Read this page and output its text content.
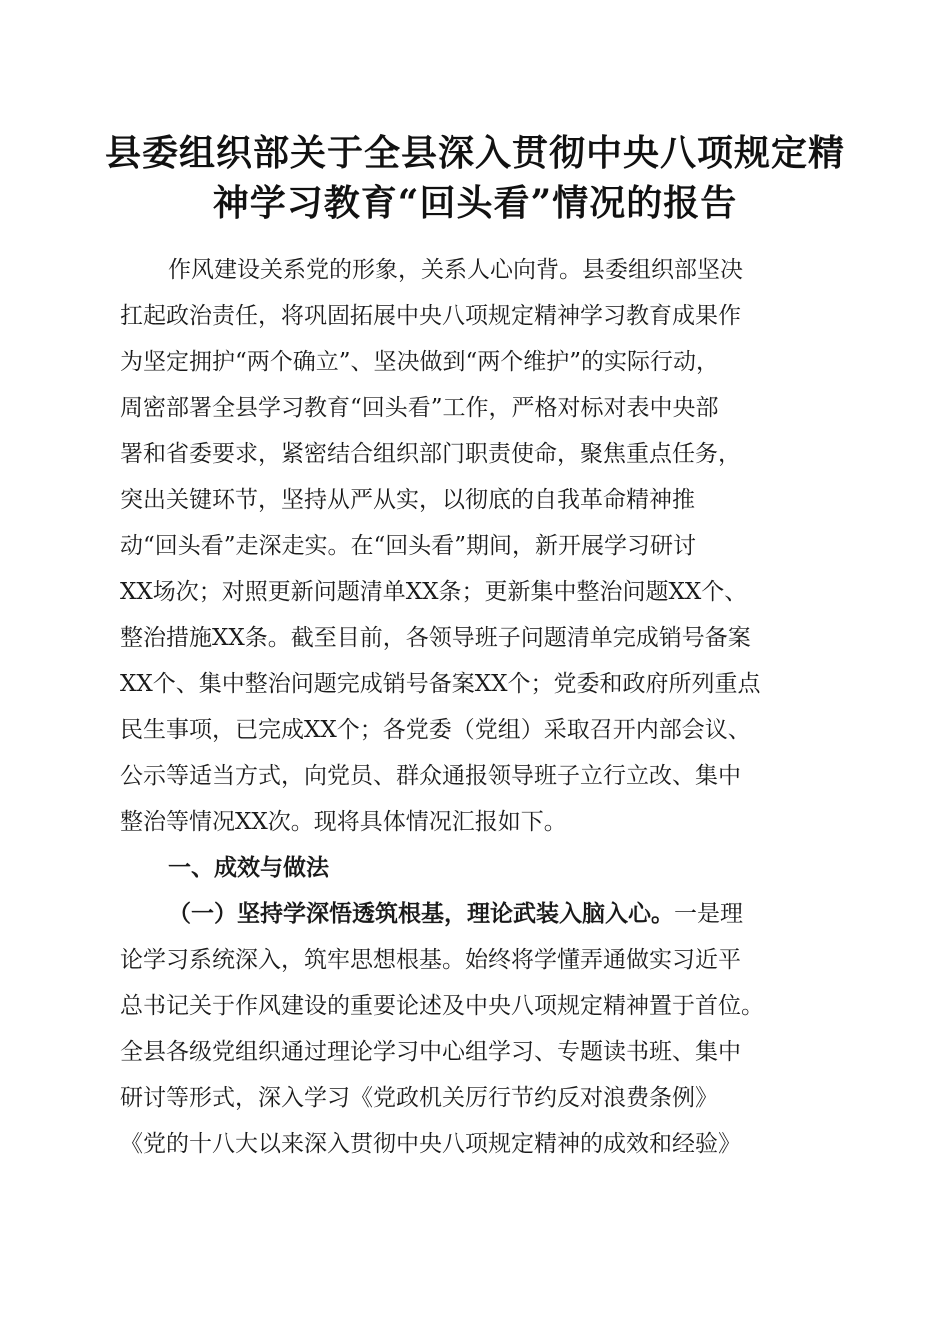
县委组织部关于全县深入贯彻中央八项规定精
神学习教育“回头看”情况的报告
作风建设关系党的形象，关系人心向背。县委组织部坚决
扛起政治责任，将巩固拓展中央八项规定精神学习教育成果作
为坚定拥护“两个确立”、坚决做到“两个维护”的实际行动，
周密部署全县学习教育“回头看”工作，严格对标对表中央部
署和省委要求，紧密结合组织部门职责使命，聚焦重点任务，
突出关键环节，坚持从严从实，以彻底的自我革命精神推
动“回头看”走深走实。在“回头看”期间，新开展学习研讨
XX场次；对照更新问题清单XX条；更新集中整治问题XX个、
整治措施XX条。截至目前，各领导班子问题清单完成销号备案
XX个、集中整治问题完成销号备案XX个；党委和政府所列重点
民生事项，已完成XX个；各党委（党组）采取召开内部会议、
公示等适当方式，向党员、群众通报领导班子立行立改、集中
整治等情况XX次。现将具体情况汇报如下。
一、成效与做法
（一）坚持学深悟透筑根基，理论武装入脑入心。一是理
论学习系统深入，筑牢思想根基。始终将学懂弄通做实习近平
总书记关于作风建设的重要论述及中央八项规定精神置于首位。
全县各级党组织通过理论学习中心组学习、专题读书班、集中
研讨等形式，深入学习《党政机关厉行节约反对浪费条例》
《党的十八大以来深入贯彻中央八项规定精神的成效和经验》
